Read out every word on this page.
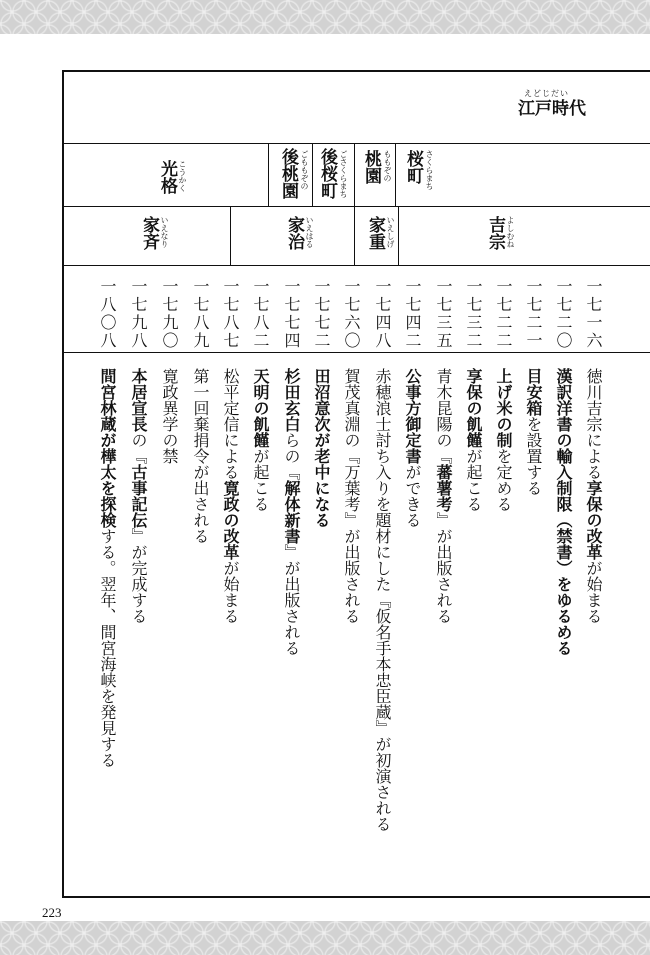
江戸時代
えどじだい
桜町 さくらまち
桃園 ももぞの
後桜町 ごさくらまち
後桃園 ごももぞの
光格 こうかく
吉宗 よしむね
家重 いえしげ
家治 いえはる
家斉 いえなり
一七一六
一七二〇
一七二一
一七二二
一七三二
一七三五
一七四二
一七四八
一七六〇
一七七二
一七七四
一七八二
一七八七
一七八九
一七九〇
一七九八
一八〇八
徳川吉宗による享保の改革が始まる
漢訳洋書の輸入制限（禁書）をゆるめる
目安箱を設置する
上げ米の制を定める
享保の飢饉が起こる
青木昆陽の『蕃薯考』が出版される
公事方御定書ができる
赤穂浪士討ち入りを題材にした『仮名手本忠臣蔵』が初演される
賀茂真淵の『万葉考』が出版される
田沼意次が老中になる
杉田玄白らの『解体新書』が出版される
天明の飢饉が起こる
松平定信による寛政の改革が始まる
第一回棄捐令が出される
寛政異学の禁
本居宣長の『古事記伝』が完成する
間宮林蔵が樺太を探検する。翌年、間宮海峡を発見する
223
